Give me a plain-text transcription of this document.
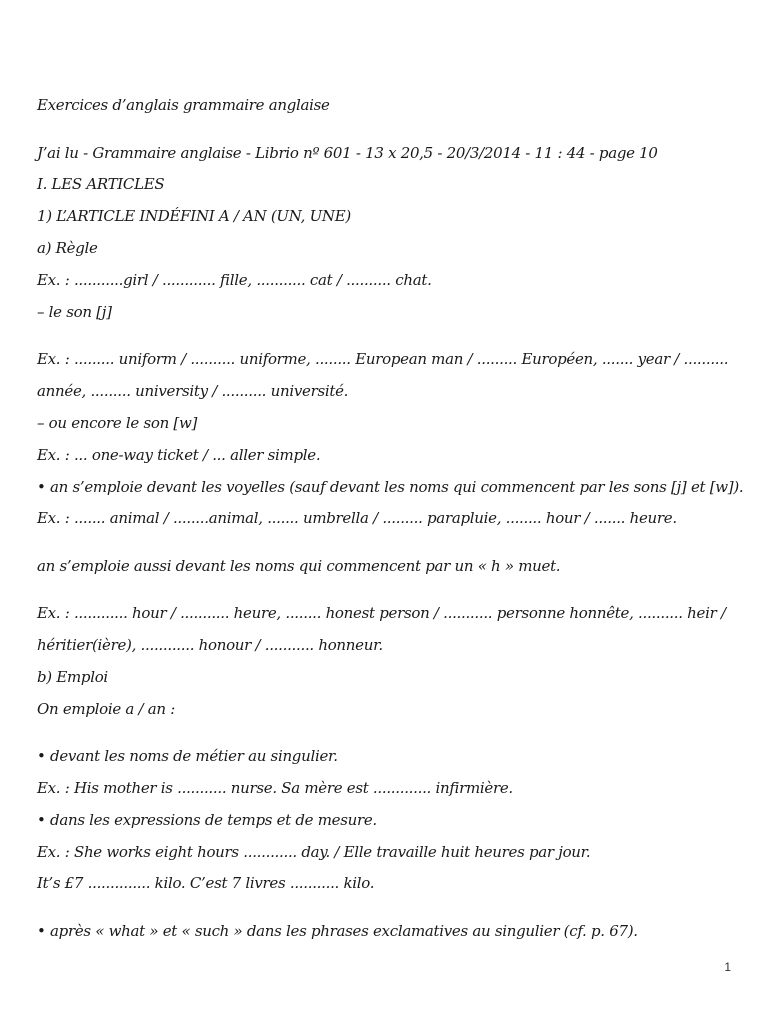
Exercices d’anglais grammaire anglaise
J’ai lu - Grammaire anglaise - Librio nº 601 - 13 x 20,5 - 20/3/2014 - 11 : 44 - page 10
I. LES ARTICLES
1) L’ARTICLE INDÉFINI A / AN (UN, UNE)
a) Règle
Ex. : ...........girl / ............ fille, ........... cat / .......... chat.
– le son [j]
Ex. : ......... uniform / .......... uniforme, ........ European man / ......... Européen, ....... year / ..........
année, ......... university / .......... université.
– ou encore le son [w]
Ex. : ... one-way ticket / ... aller simple.
• an s’emploie devant les voyelles (sauf devant les noms qui commencent par les sons [j] et [w]).
Ex. : ....... animal / ........animal, ....... umbrella / ......... parapluie, ........ hour / ....... heure.
an s’emploie aussi devant les noms qui commencent par un « h » muet.
Ex. : ............ hour / ........... heure, ........ honest person / ........... personne honnête, .......... heir /
héritier(ière), ............ honour / ........... honneur.
b) Emploi
On emploie a / an :
• devant les noms de métier au singulier.
Ex. : His mother is ........... nurse. Sa mère est ............. infirmière.
• dans les expressions de temps et de mesure.
Ex. : She works eight hours ............ day. / Elle travaille huit heures par jour.
It’s £7 .............. kilo. C’est 7 livres ........... kilo.
• après « what » et « such » dans les phrases exclamatives au singulier (cf. p. 67).
1
